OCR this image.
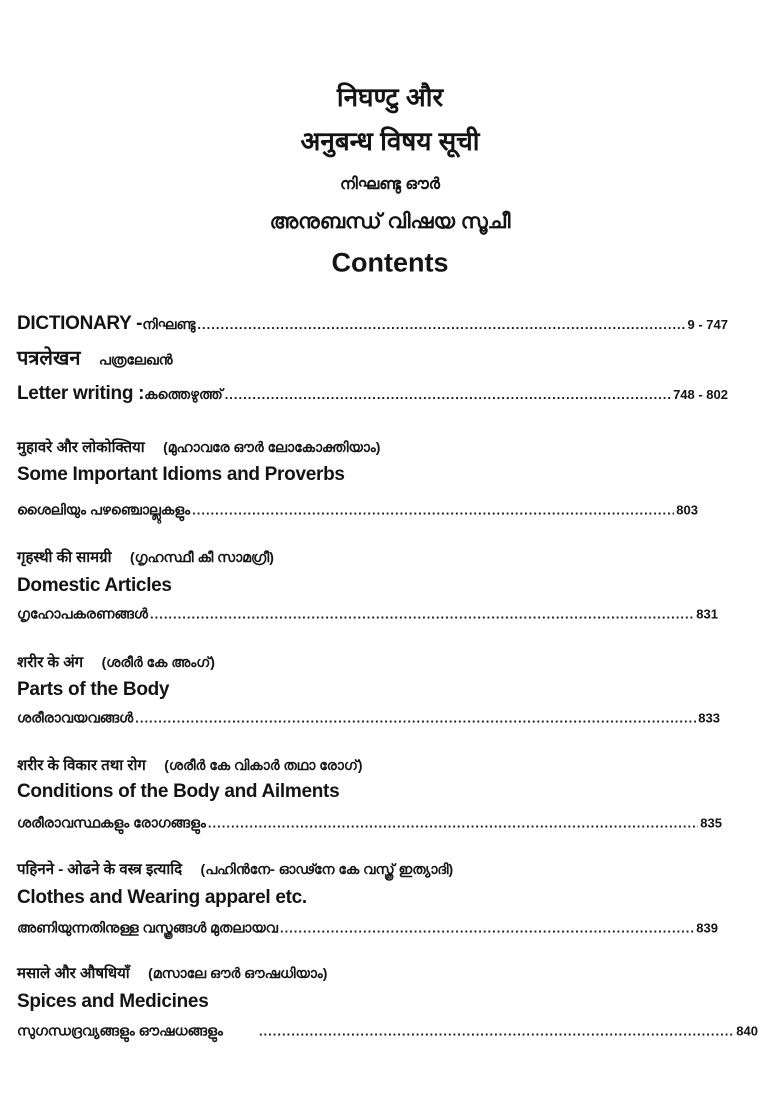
निघण्टु और
अनुबन्ध विषय सूची
നിഘണ്ടു ഔർ
അനുബന്ധ് വിഷയ സൂചീ
Contents
DICTIONARY - നിഘണ്ടു .....	9 - 747
पत्रलेखन പത്രലേഖൻ
Letter writing : കത്തെഴുത്ത് .....	748 - 802
मुहावरे और लोकोक्तिया (മുഹാവരേ ഔർ ലോകോക്തിയാം)
Some Important Idioms and Proverbs
ശൈലിയും പഴഞ്ചൊല്ലുകളും .....	803
गृहस्थी की सामग्री (ഗൃഹസ്ഥീ കീ സാമഗ്രീ)
Domestic Articles
ഗൃഹോപകരണങ്ങൾ .....	831
शरीर के अंग (ശരീർ കേ അംഗ്)
Parts of the Body
ശരീരാവയവങ്ങൾ .....	833
शरीर के विकार तथा रोग (ശരീർ കേ വികാർ തഥാ രോഗ്)
Conditions of the Body and Ailments
ശരീരാവസ്ഥകളും രോഗങ്ങളും .....	835
पहिनने - ओढने के वस्त्र इत्यादि (പഹിൻനേ- ഓഢ്നേ കേ വസ്ത്ര് ഇത്യാദി)
Clothes and Wearing apparel etc.
അണിയുന്നതിനുള്ള വസ്ത്രങ്ങൾ മുതലായവ .....	839
मसाले और औषधियाँ (മസാലേ ഔർ ഔഷധിയാം)
Spices and Medicines
സുഗന്ധദ്രവ്യങ്ങളും ഔഷധങ്ങളും .....	840
